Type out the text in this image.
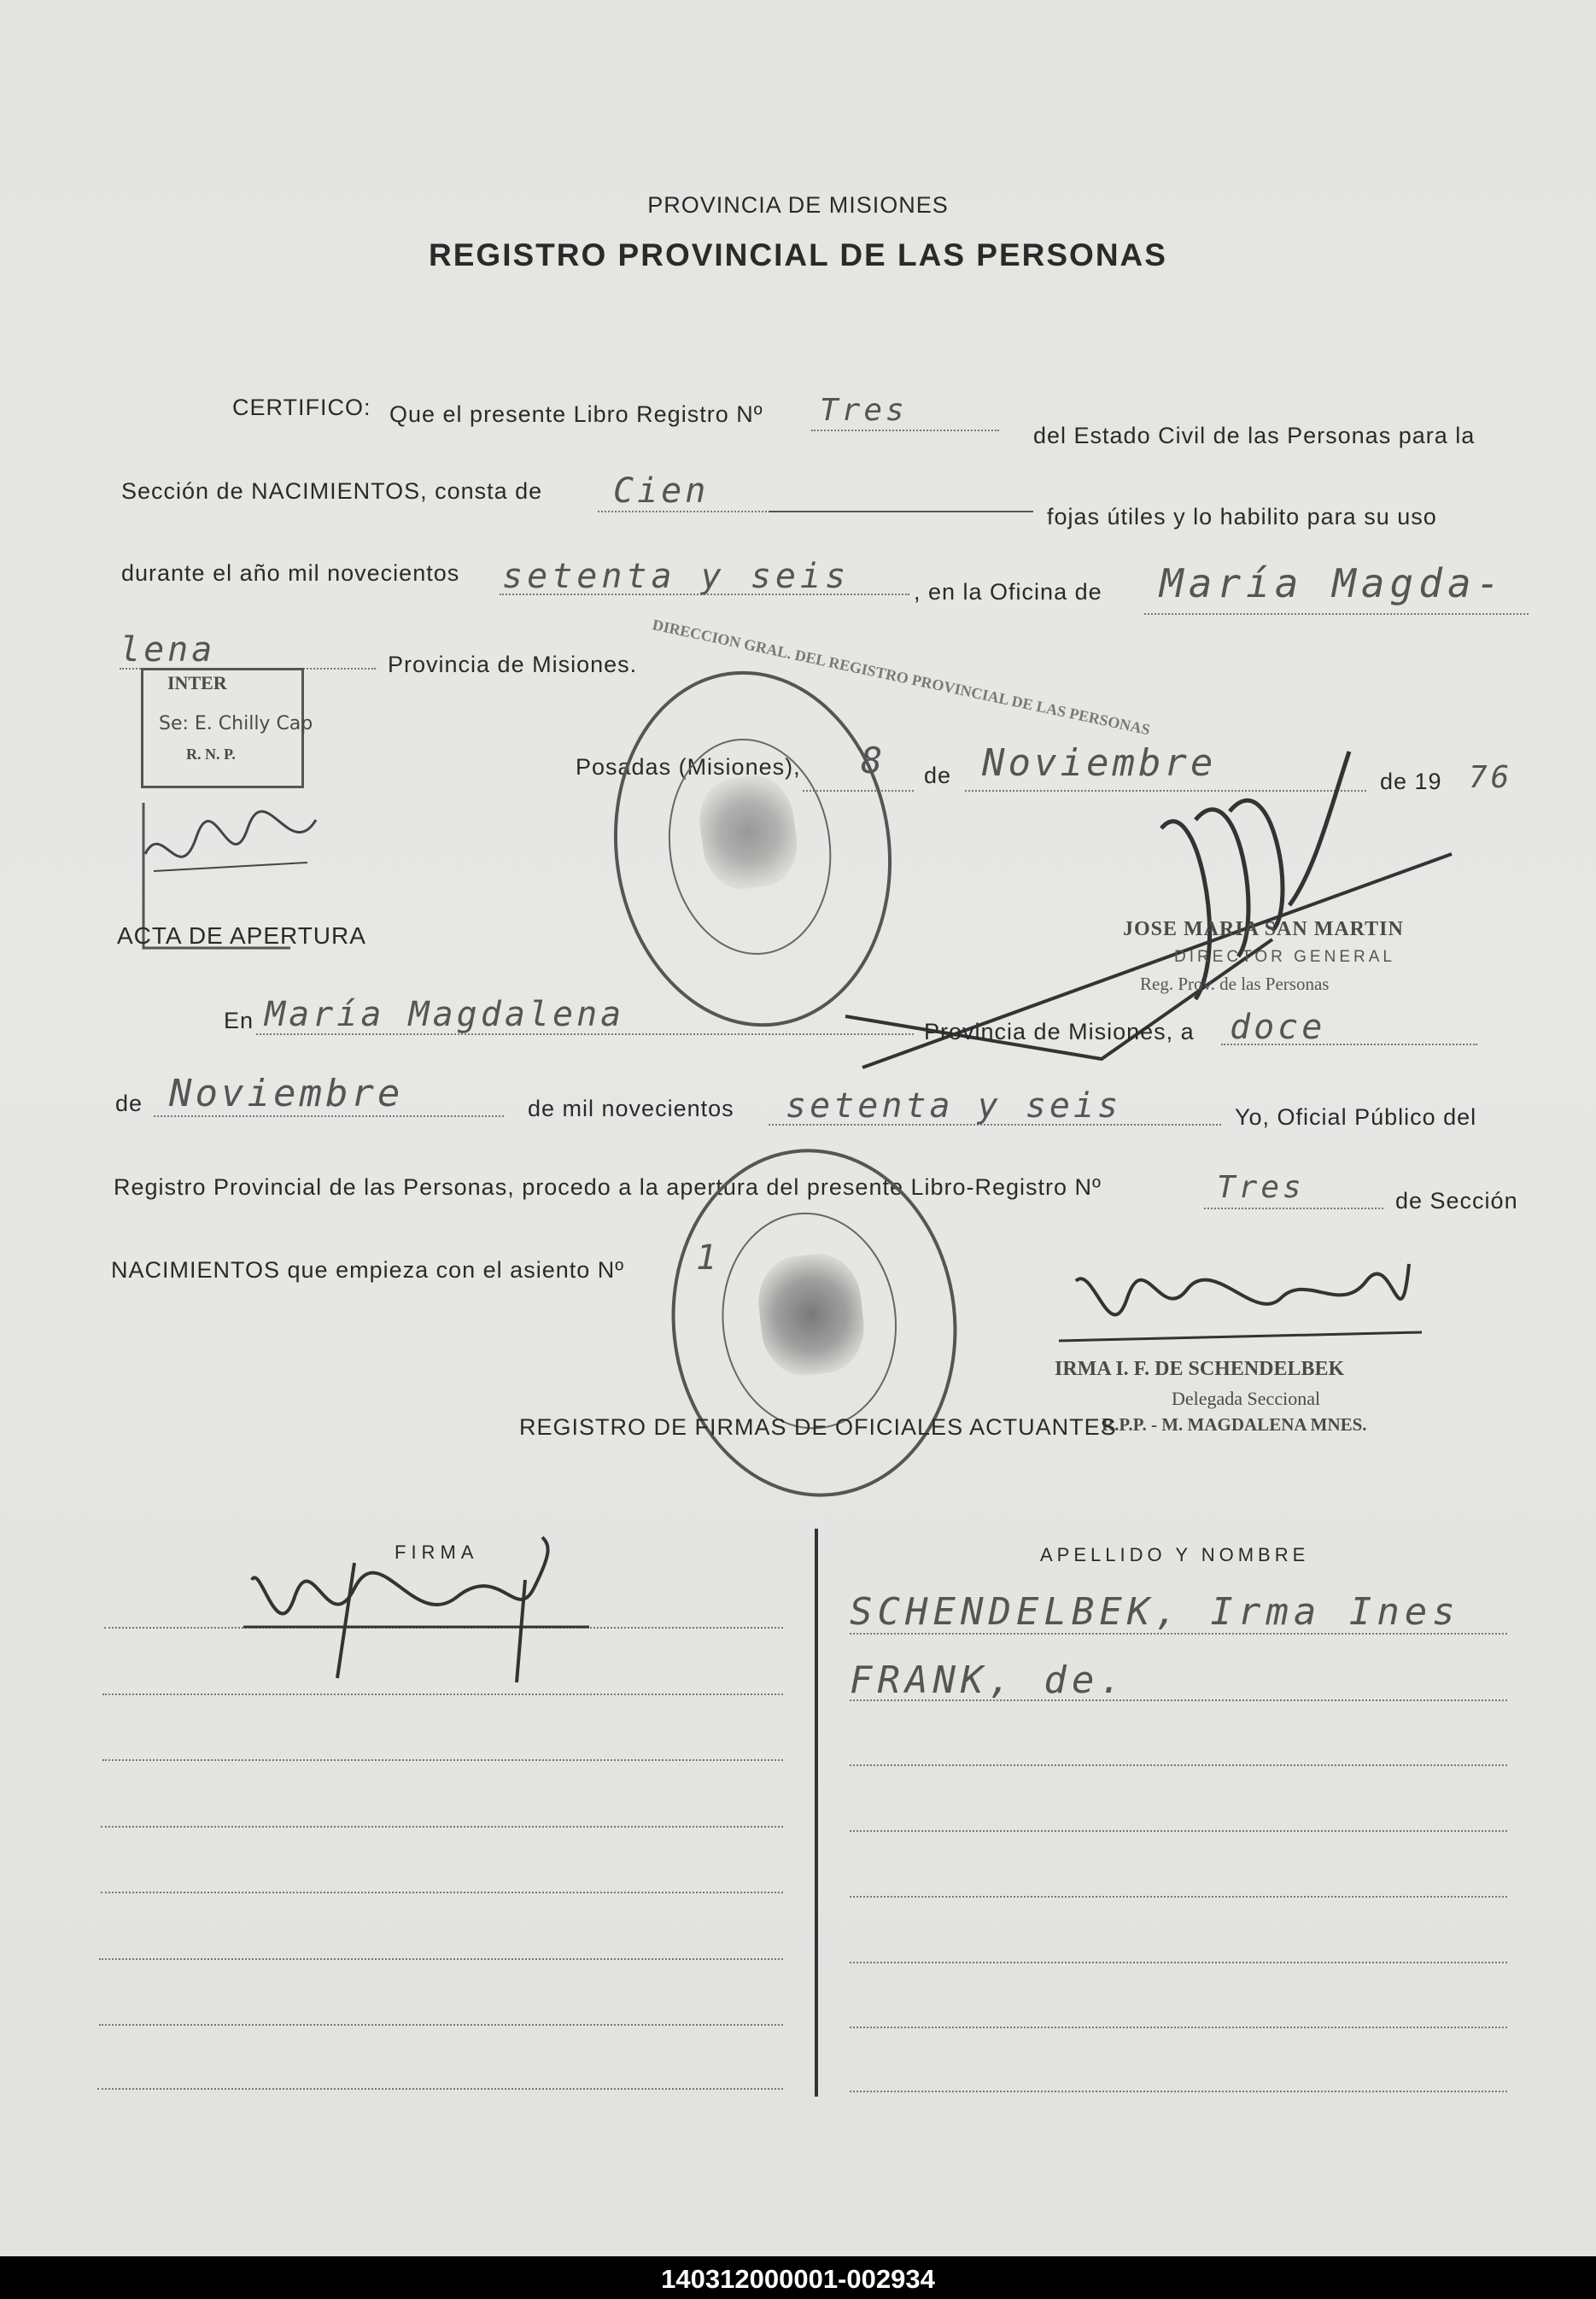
PROVINCIA DE MISIONES
REGISTRO PROVINCIAL DE LAS PERSONAS
CERTIFICO: Que el presente Libro Registro Nº Tres
del Estado Civil de las Personas para la
Sección de NACIMIENTOS, consta de Cien
fojas útiles y lo habilito para su uso
durante el año mil novecientos setenta y seis	, en la Oficina de María Magda-
lena	Provincia de Misiones.
INTER
Se: E. Chilly Cap
R. N. P.	Posadas (Misiones), 8 de Noviembre	de 19 76
DIRECCION GRAL. DEL REGISTRO PROVINCIAL DE LAS PERSONAS
JOSE MARIA SAN MARTIN
DIRECTOR GENERAL
Reg. Prov. de las Personas
ACTA DE APERTURA
En María Magdalena	Provincia de Misiones, a doce
de Noviembre	de mil novecientos setenta y seis	Yo, Oficial Público del
Registro Provincial de las Personas, procedo a la apertura del presente Libro-Registro Nº	Tres	de Sección
NACIMIENTOS que empieza con el asiento Nº 1
IRMA I. F. DE SCHENDELBEK
Delegada Seccional
R.P.P. - M. MAGDALENA MNES.
REGISTRO DE FIRMAS DE OFICIALES ACTUANTES
FIRMA	APELLIDO Y NOMBRE
SCHENDELBEK, Irma Ines
FRANK, de.
140312000001-002934
